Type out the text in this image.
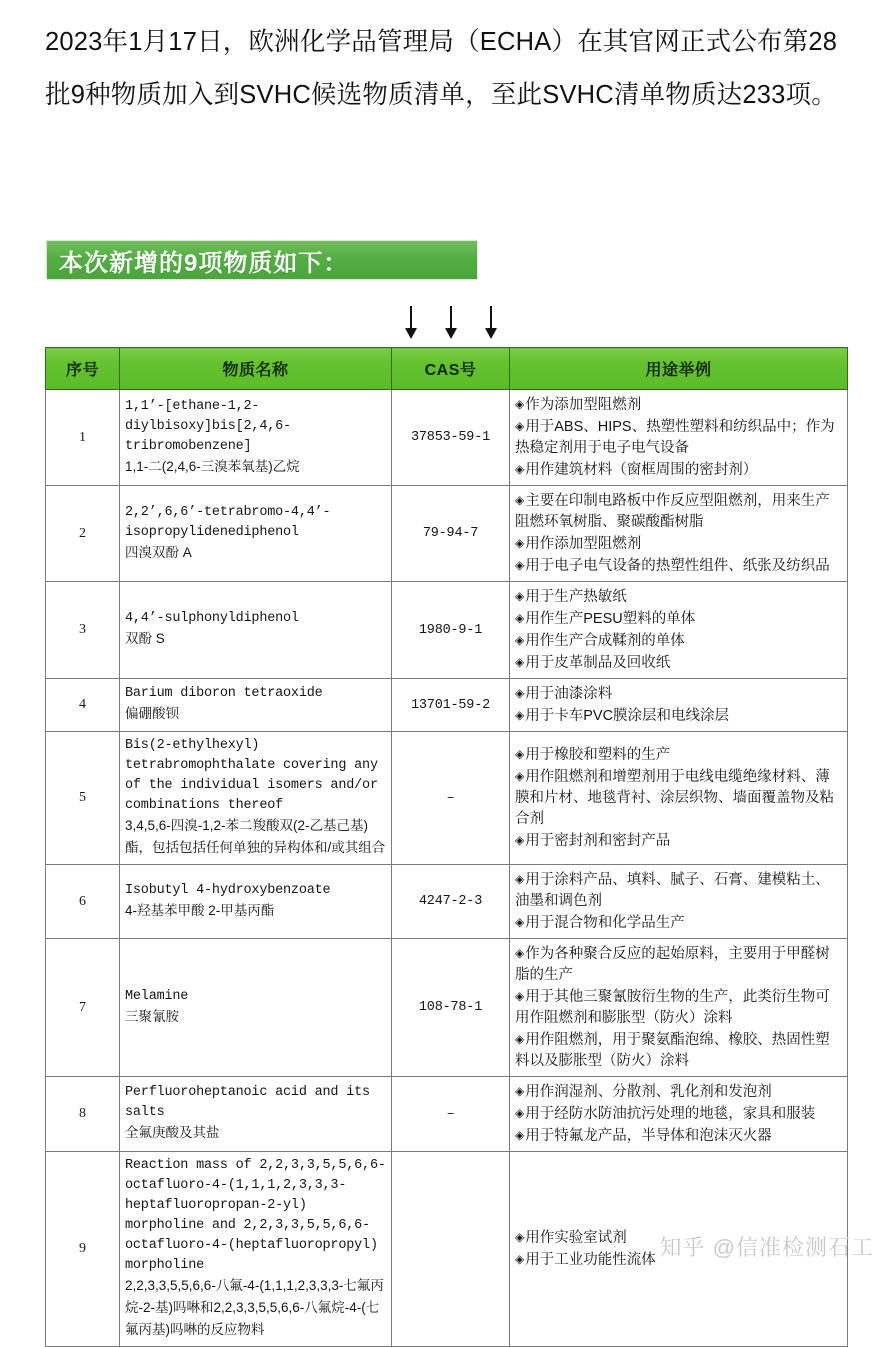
2023年1月17日，欧洲化学品管理局（ECHA）在其官网正式公布第28批9种物质加入到SVHC候选物质清单，至此SVHC清单物质达233项。
本次新增的9项物质如下：
序号	物质名称	CAS号	用途举例
1	1,1’-[ethane-1,2-diylbisoxy]bis[2,4,6-tribromobenzene]
1,1-二(2,4,6-三溴苯氧基)乙烷	37853-59-1	◈ 作为添加型阻燃剂
◈ 用于ABS、HIPS、热塑性塑料和纺织品中；作为热稳定剂用于电子电气设备
◈ 用作建筑材料（窗框周围的密封剂）

2	2,2’,6,6’-tetrabromo-4,4’-isopropylidenediphenol
四溴双酚 A	79-94-7	◈ 主要在印制电路板中作反应型阻燃剂，用来生产阻燃环氧树脂、聚碳酸酯树脂
◈ 用作添加型阻燃剂
◈ 用于电子电气设备的热塑性组件、纸张及纺织品

3	4,4’-sulphonyldiphenol
双酚 S	1980-9-1	◈ 用于生产热敏纸
◈ 用作生产PESU塑料的单体
◈ 用作生产合成鞣剂的单体
◈ 用于皮革制品及回收纸

4	Barium diboron tetraoxide
偏硼酸钡	13701-59-2	◈ 用于油漆涂料
◈ 用于卡车PVC膜涂层和电线涂层

5	Bis(2-ethylhexyl) tetrabromophthalate covering any of the individual isomers and/or combinations thereof
3,4,5,6-四溴-1,2-苯二羧酸双(2-乙基己基)酯，包括包括任何单独的异构体和/或其组合	–	◈ 用于橡胶和塑料的生产
◈ 用作阻燃剂和增塑剂用于电线电缆绝缘材料、薄膜和片材、地毯背衬、涂层织物、墙面覆盖物及粘合剂
◈ 用于密封剂和密封产品

6	Isobutyl 4-hydroxybenzoate
4-羟基苯甲酸 2-甲基丙酯	4247-2-3	◈ 用于涂料产品、填料、腻子、石膏、建模粘土、油墨和调色剂
◈ 用于混合物和化学品生产

7	Melamine
三聚氰胺	108-78-1	◈ 作为各种聚合反应的起始原料，主要用于甲醛树脂的生产
◈ 用于其他三聚氰胺衍生物的生产，此类衍生物可用作阻燃剂和膨胀型（防火）涂料
◈ 用作阻燃剂，用于聚氨酯泡绵、橡胶、热固性塑料以及膨胀型（防火）涂料

8	Perfluoroheptanoic acid and its salts
全氟庚酸及其盐	–	◈ 用作润湿剂、分散剂、乳化剂和发泡剂
◈ 用于经防水防油抗污处理的地毯，家具和服装
◈ 用于特氟龙产品，半导体和泡沫灭火器

9	Reaction mass of 2,2,3,3,5,5,6,6-octafluoro-4-(1,1,1,2,3,3,3-heptafluoropropan-2-yl) morpholine and 2,2,3,3,5,5,6,6-octafluoro-4-(heptafluoropropyl) morpholine
2,2,3,3,5,5,6,6-八氟-4-(1,1,1,2,3,3,3-七氟丙烷-2-基)吗啉和2,2,3,3,5,5,6,6-八氟烷-4-(七氟丙基)吗啉的反应物料		◈ 用作实验室试剂
◈ 用于工业功能性流体 知乎 @信准检测石工
